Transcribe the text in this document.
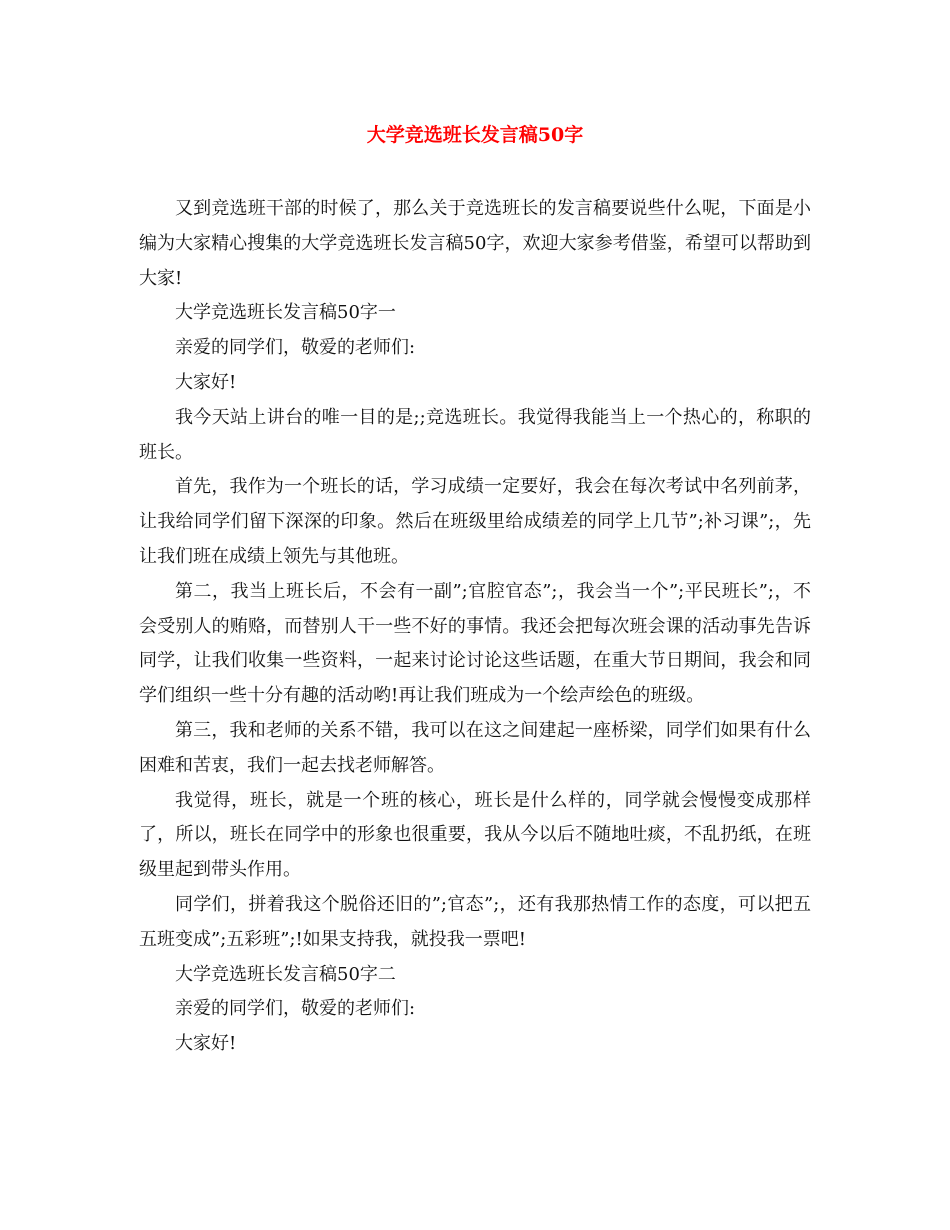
大学竞选班长发言稿50字

又到竞选班干部的时候了，那么关于竞选班长的发言稿要说些什么呢，下面是小编为大家精心搜集的大学竞选班长发言稿50字，欢迎大家参考借鉴，希望可以帮助到大家!

大学竞选班长发言稿50字一

亲爱的同学们，敬爱的老师们:

大家好!

我今天站上讲台的唯一目的是;;竞选班长。我觉得我能当上一个热心的，称职的班长。

首先，我作为一个班长的话，学习成绩一定要好，我会在每次考试中名列前茅，让我给同学们留下深深的印象。然后在班级里给成绩差的同学上几节”;补习课”;，先让我们班在成绩上领先与其他班。

第二，我当上班长后，不会有一副”;官腔官态”;，我会当一个”;平民班长”;，不会受别人的贿赂，而替别人干一些不好的事情。我还会把每次班会课的活动事先告诉同学，让我们收集一些资料，一起来讨论讨论这些话题，在重大节日期间，我会和同学们组织一些十分有趣的活动哟!再让我们班成为一个绘声绘色的班级。

第三，我和老师的关系不错，我可以在这之间建起一座桥梁，同学们如果有什么困难和苦衷，我们一起去找老师解答。

我觉得，班长，就是一个班的核心，班长是什么样的，同学就会慢慢变成那样了，所以，班长在同学中的形象也很重要，我从今以后不随地吐痰，不乱扔纸，在班级里起到带头作用。

同学们，拼着我这个脱俗还旧的”;官态”;，还有我那热情工作的态度，可以把五五班变成”;五彩班”;!如果支持我，就投我一票吧!

大学竞选班长发言稿50字二

亲爱的同学们，敬爱的老师们:

大家好!
